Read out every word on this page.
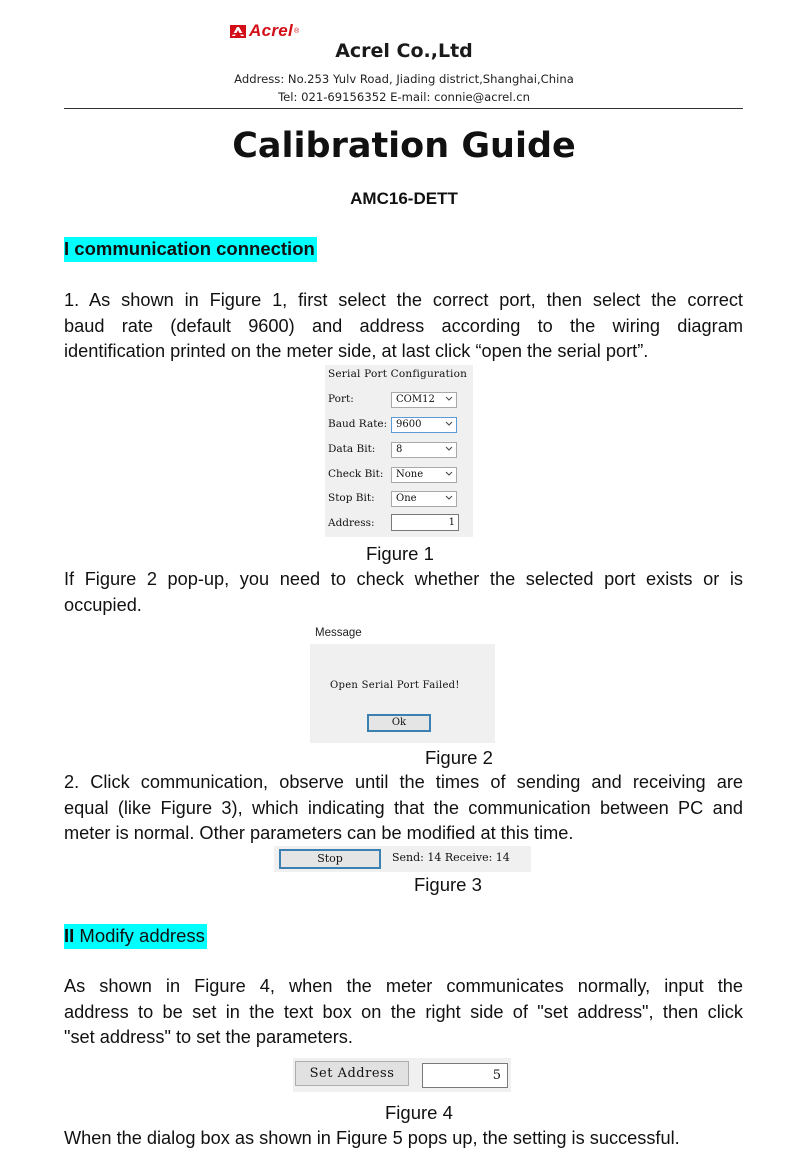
Acrel ®
Acrel Co.,Ltd
Address: No.253 Yulv Road, Jiading district,Shanghai,China
Tel: 021-69156352 E-mail: connie@acrel.cn
Calibration Guide
AMC16-DETT
I communication connection
1. As shown in Figure 1, first select the correct port, then select the correct
baud rate (default 9600) and address according to the wiring diagram
identification printed on the meter side, at last click “open the serial port”.
Serial Port Configuration
Port:	COM12
Baud Rate: 9600
Data Bit:	8
Check Bit:	None
Stop Bit:	One
Address:	1
Figure 1
If Figure 2 pop-up, you need to check whether the selected port exists or is
occupied.
Message
Open Serial Port Failed!
Ok
Figure 2
2. Click communication, observe until the times of sending and receiving are
equal (like Figure 3), which indicating that the communication between PC and
meter is normal. Other parameters can be modified at this time.
Stop	Send: 14 Receive: 14
Figure 3
II Modify address
As shown in Figure 4, when the meter communicates normally, input the
address to be set in the text box on the right side of "set address", then click
"set address" to set the parameters.
Set Address	5
Figure 4
When the dialog box as shown in Figure 5 pops up, the setting is successful.
